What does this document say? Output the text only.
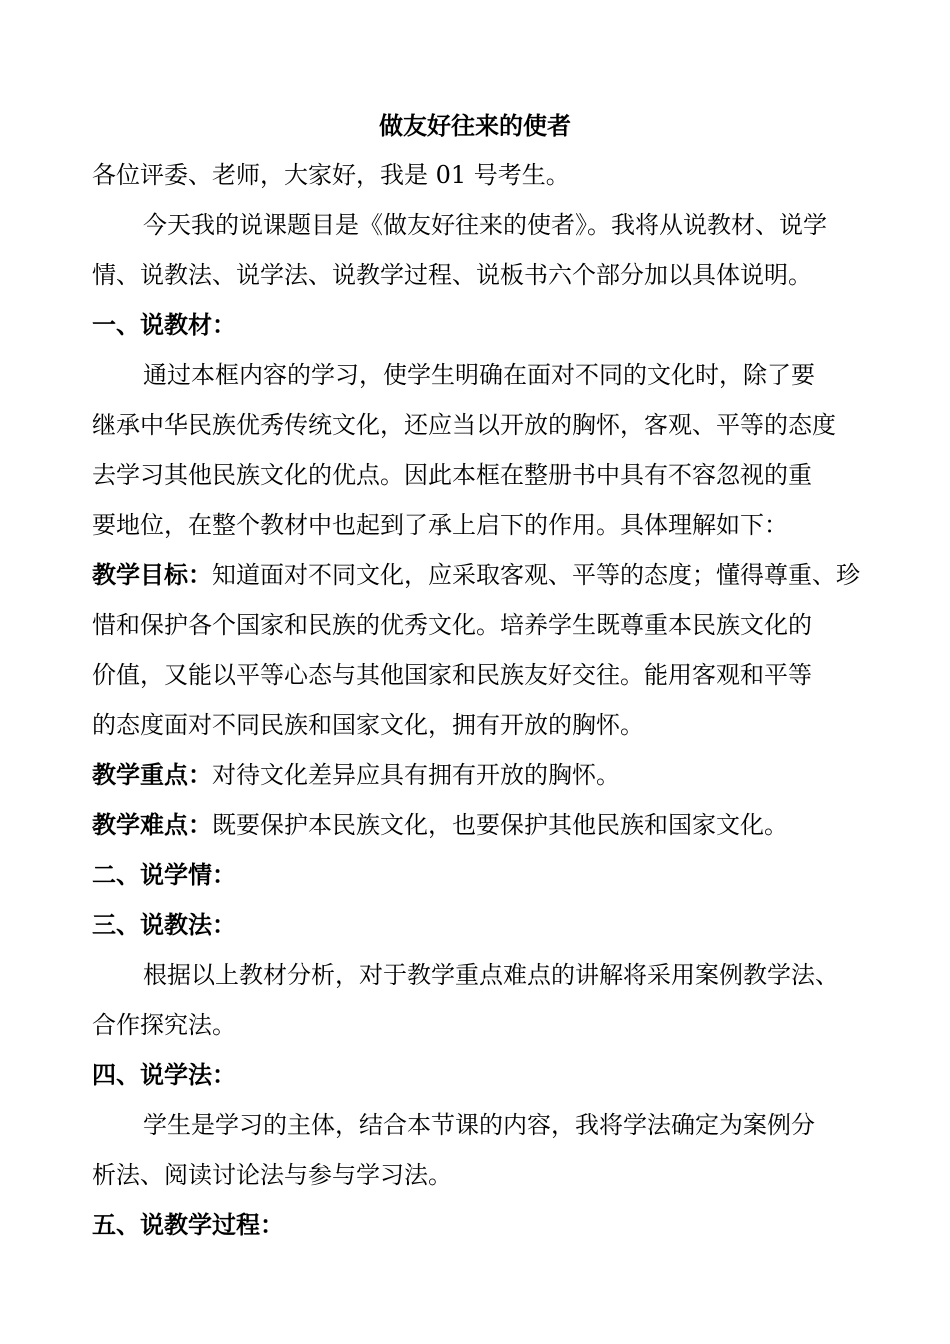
做友好往来的使者
各位评委、老师，大家好，我是 01 号考生。
今天我的说课题目是《做友好往来的使者》。我将从说教材、说学
情、说教法、说学法、说教学过程、说板书六个部分加以具体说明。
一、说教材：
通过本框内容的学习，使学生明确在面对不同的文化时，除了要
继承中华民族优秀传统文化，还应当以开放的胸怀，客观、平等的态度
去学习其他民族文化的优点。因此本框在整册书中具有不容忽视的重
要地位，在整个教材中也起到了承上启下的作用。具体理解如下：
教学目标：知道面对不同文化，应采取客观、平等的态度；懂得尊重、珍
惜和保护各个国家和民族的优秀文化。培养学生既尊重本民族文化的
价值，又能以平等心态与其他国家和民族友好交往。能用客观和平等
的态度面对不同民族和国家文化，拥有开放的胸怀。
教学重点：对待文化差异应具有拥有开放的胸怀。
教学难点：既要保护本民族文化，也要保护其他民族和国家文化。
二、说学情：
三、说教法：
根据以上教材分析，对于教学重点难点的讲解将采用案例教学法、
合作探究法。
四、说学法：
学生是学习的主体，结合本节课的内容，我将学法确定为案例分
析法、阅读讨论法与参与学习法。
五、说教学过程：
